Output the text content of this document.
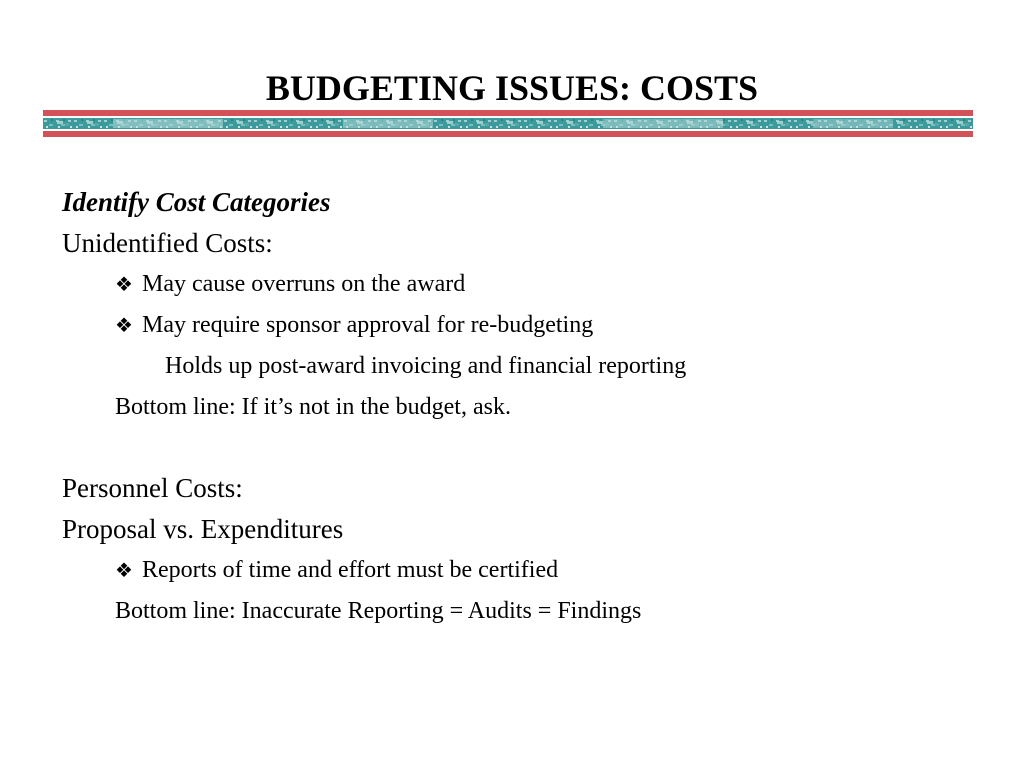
BUDGETING ISSUES: COSTS

Identify Cost Categories

Unidentified Costs:

❖ May cause overruns on the award

❖ May require sponsor approval for re-budgeting

Holds up post-award invoicing and financial reporting

Bottom line: If it’s not in the budget, ask.

Personnel Costs:

Proposal vs. Expenditures

❖ Reports of time and effort must be certified

Bottom line: Inaccurate Reporting = Audits = Findings
